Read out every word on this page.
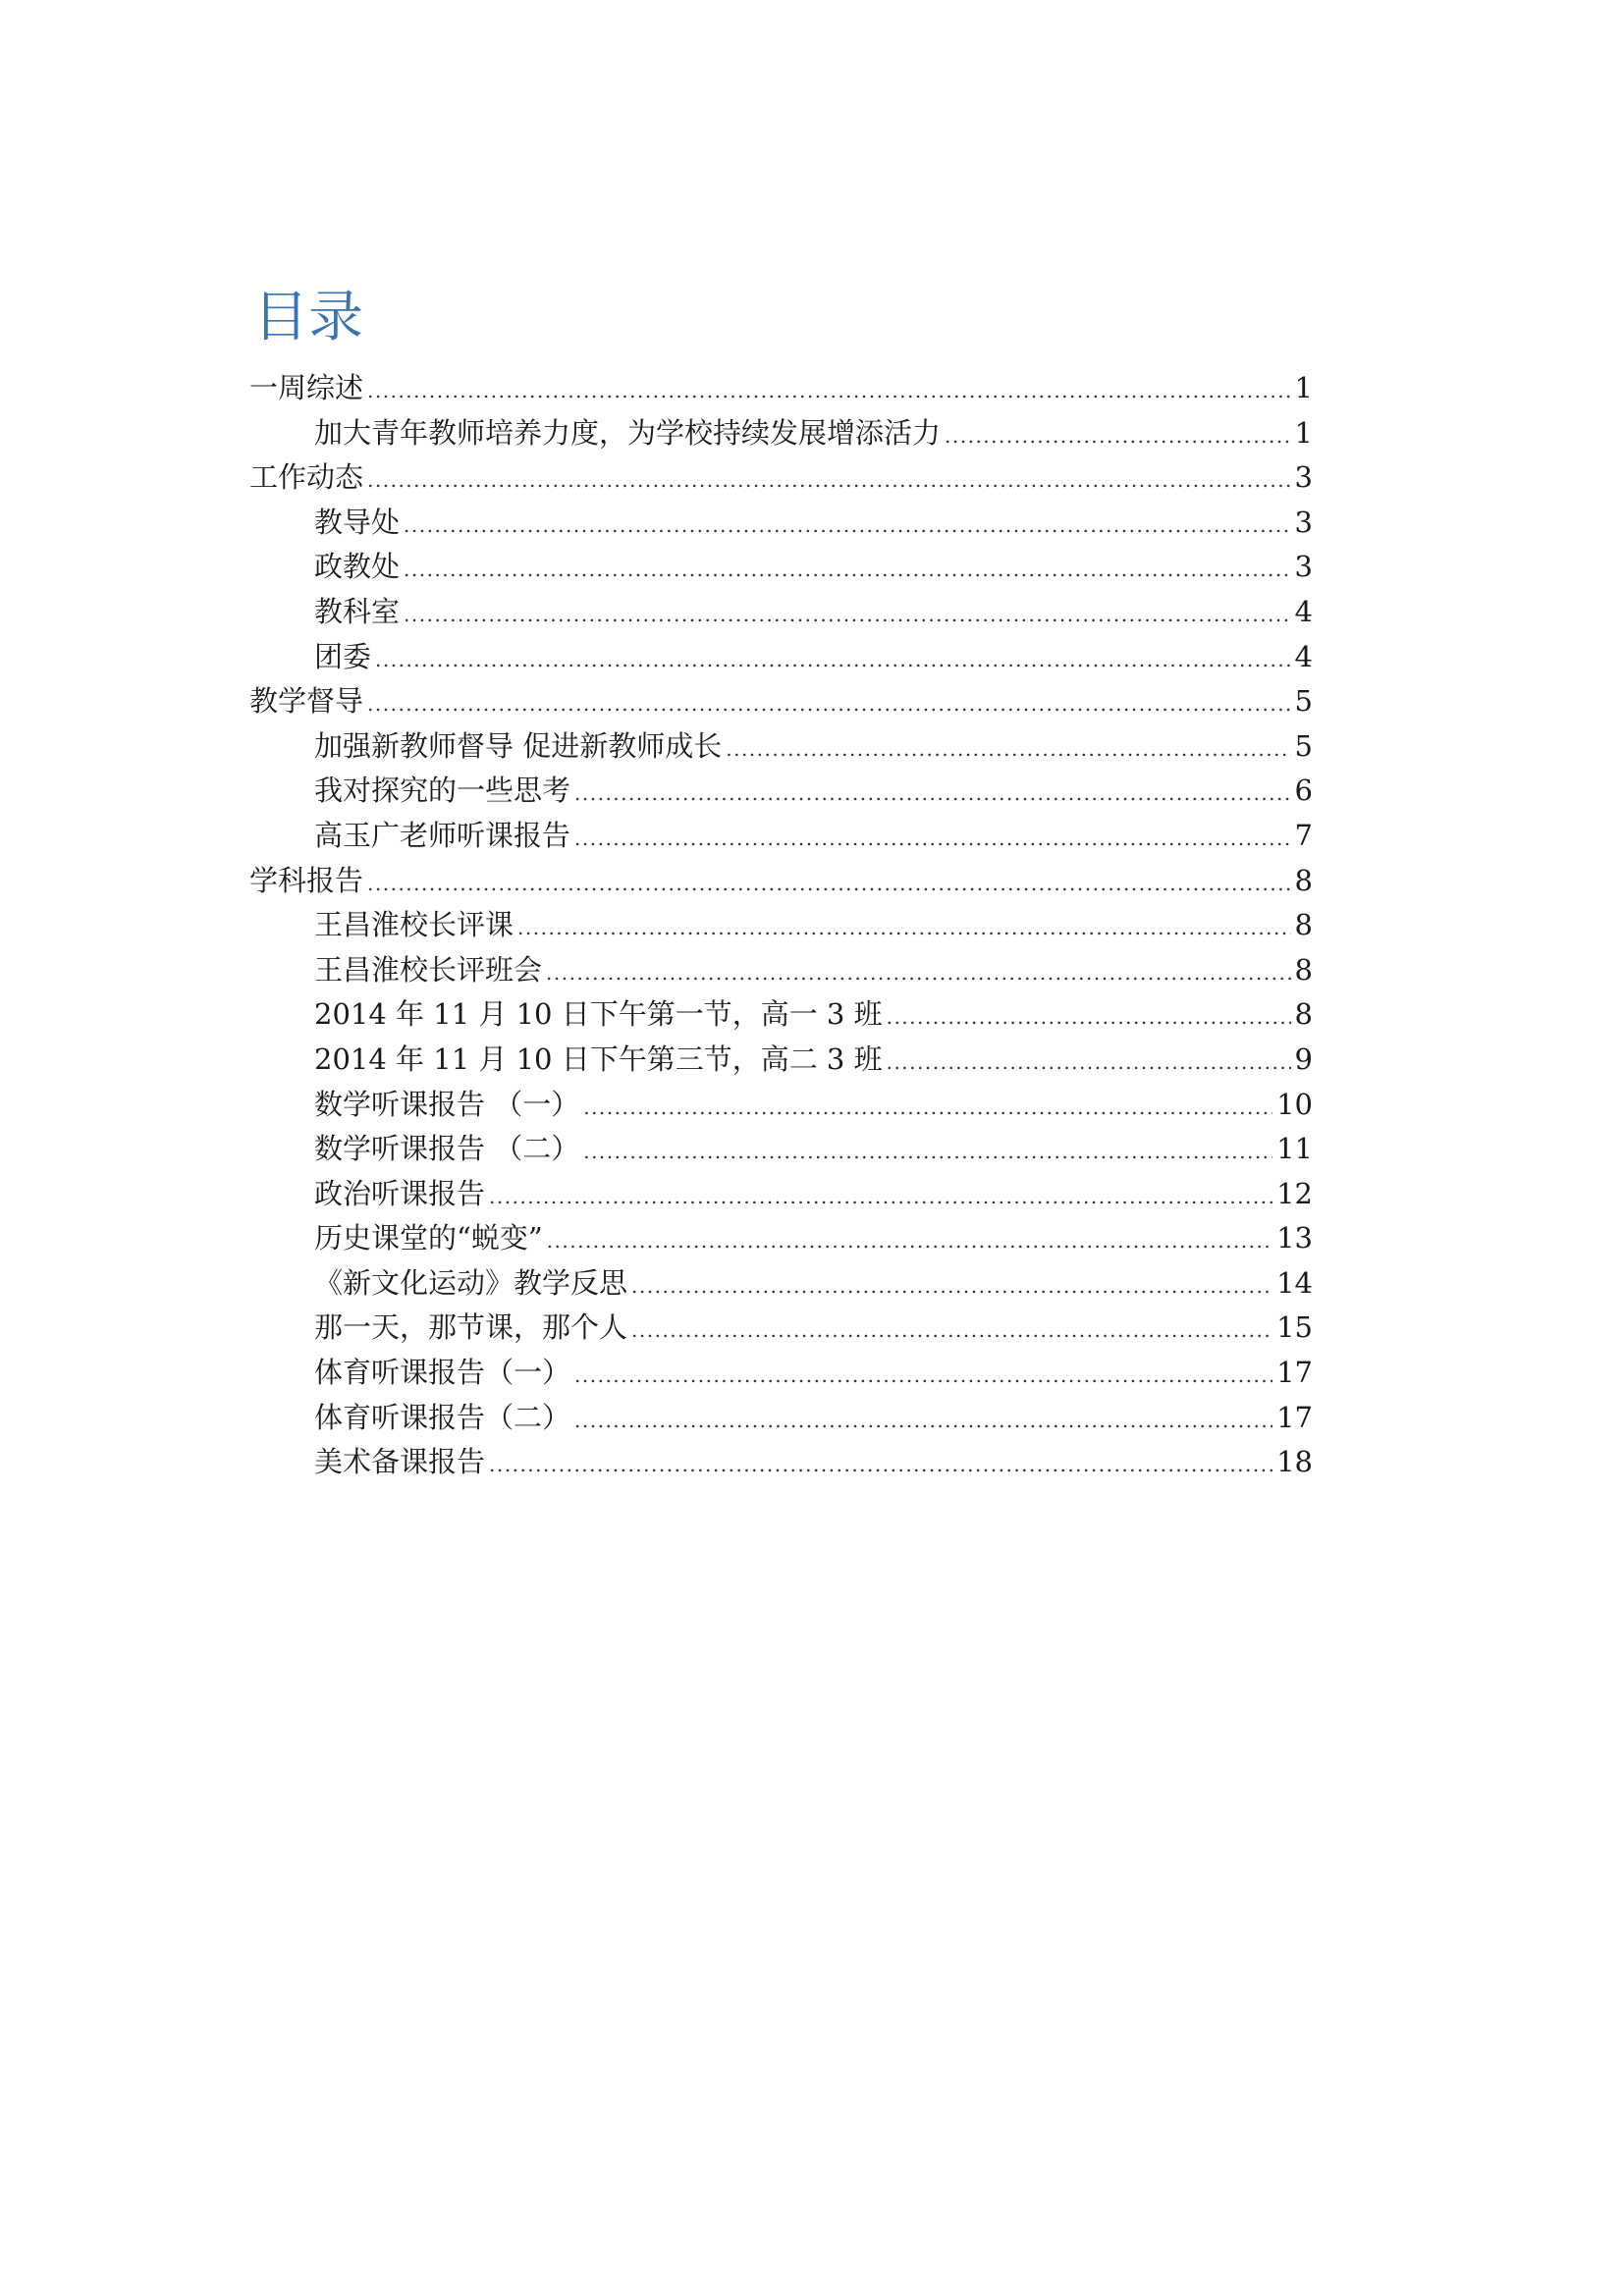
目录
一周综述 .....	1
加大青年教师培养力度，为学校持续发展增添活力 .....	1
工作动态 .....	3
教导处 .....	3
政教处 .....	3
教科室 .....	4
团委 .....	4
教学督导 .....	5
加强新教师督导 促进新教师成长 .....	5
我对探究的一些思考 .....	6
高玉广老师听课报告 .....	7
学科报告 .....	8
王昌淮校长评课 .....	8
王昌淮校长评班会 .....	8
2014 年 11 月 10 日下午第一节，高一 3 班 .....	8
2014 年 11 月 10 日下午第三节，高二 3 班 .....	9
数学听课报告 （一） .....	10
数学听课报告 （二） .....	11
政治听课报告 .....	12
历史课堂的“蜕变” .....	13
《新文化运动》教学反思 .....	14
那一天，那节课，那个人 .....	15
体育听课报告（一） .....	17
体育听课报告（二） .....	17
美术备课报告 .....	18
